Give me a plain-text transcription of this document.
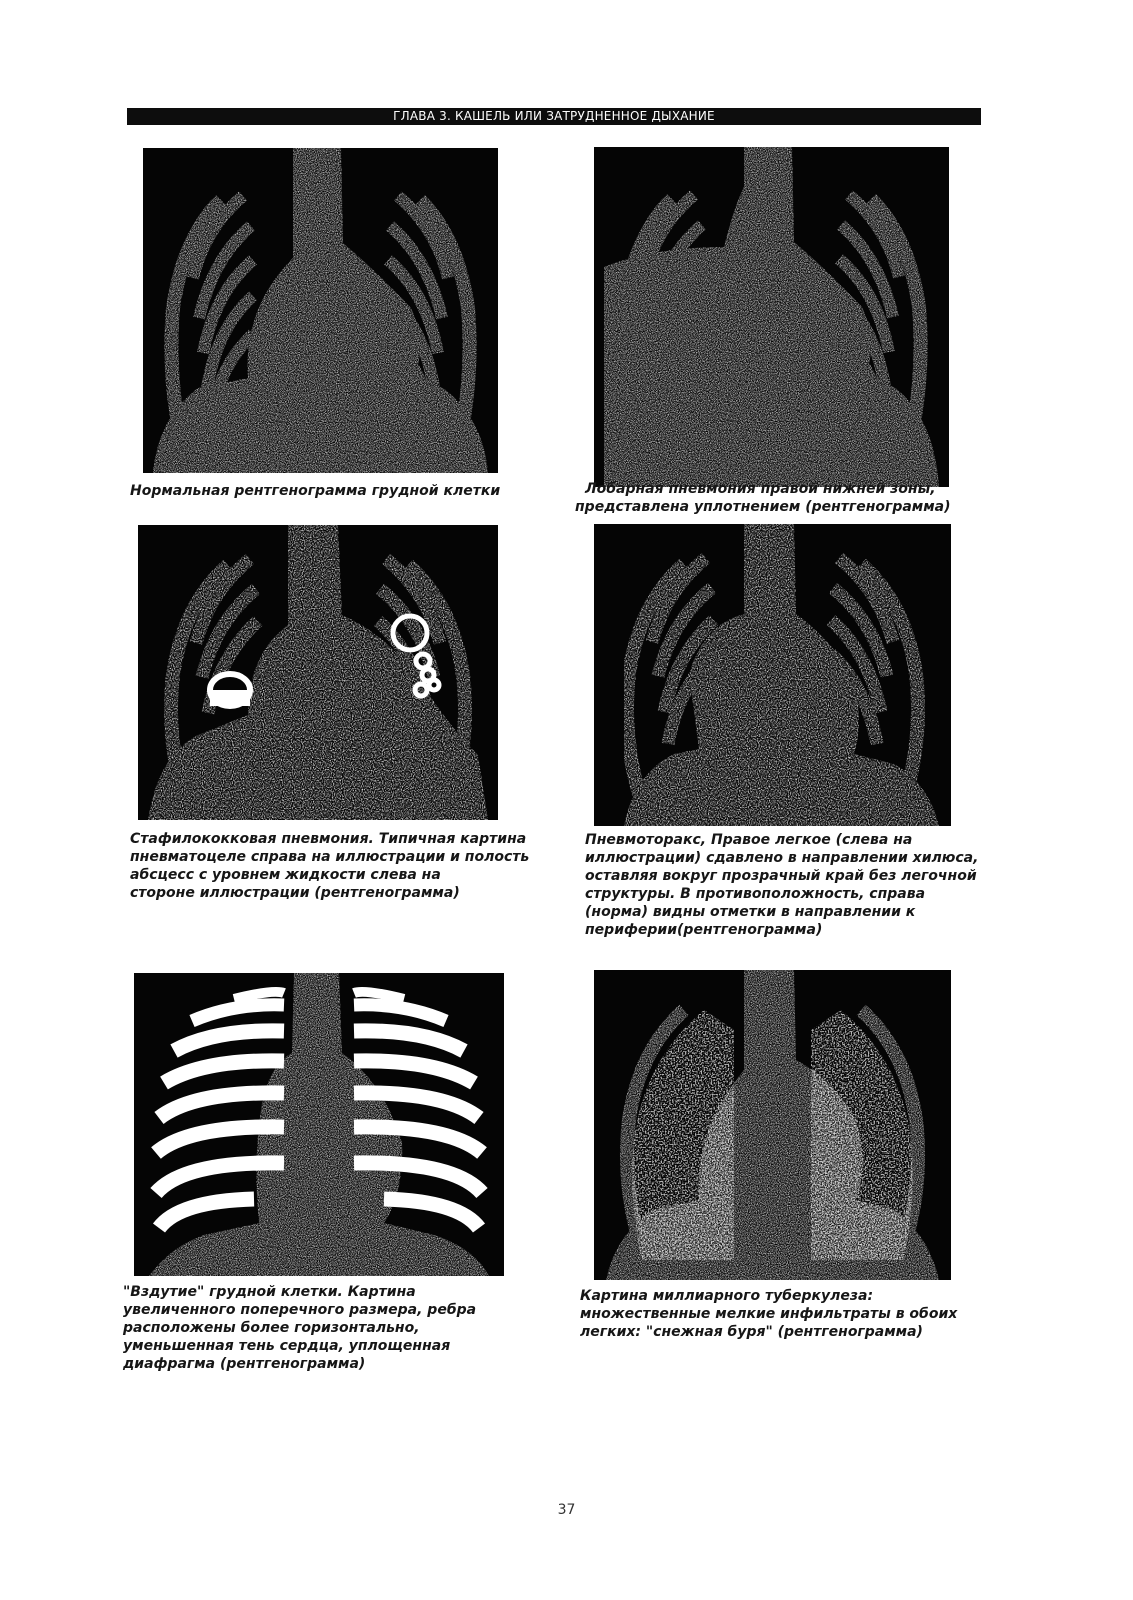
ГЛАВА 3. КАШЕЛЬ ИЛИ ЗАТРУДНЕННОЕ ДЫХАНИЕ
Нормальная рентгенограмма грудной клетки	Лобарная пневмония правой нижней зоны,
представлена уплотнением (рентгенограмма)
Стафилококковая пневмония. Типичная картина
пневматоцеле справа на иллюстрации и полость
абсцесс с уровнем жидкости слева на
стороне иллюстрации (рентгенограмма)
Пневмоторакс, Правое легкое (слева на
иллюстрации) сдавлено в направлении хилюса,
оставляя вокруг прозрачный край без легочной
структуры. В противоположность, справа
(норма) видны отметки в направлении к
периферии(рентгенограмма)
"Вздутие" грудной клетки. Картина
увеличенного поперечного размера, ребра
расположены более горизонтально,
уменьшенная тень сердца, уплощенная
диафрагма (рентгенограмма)
Картина миллиарного туберкулеза:
множественные мелкие инфильтраты в обоих
легких: "снежная буря" (рентгенограмма)
37
